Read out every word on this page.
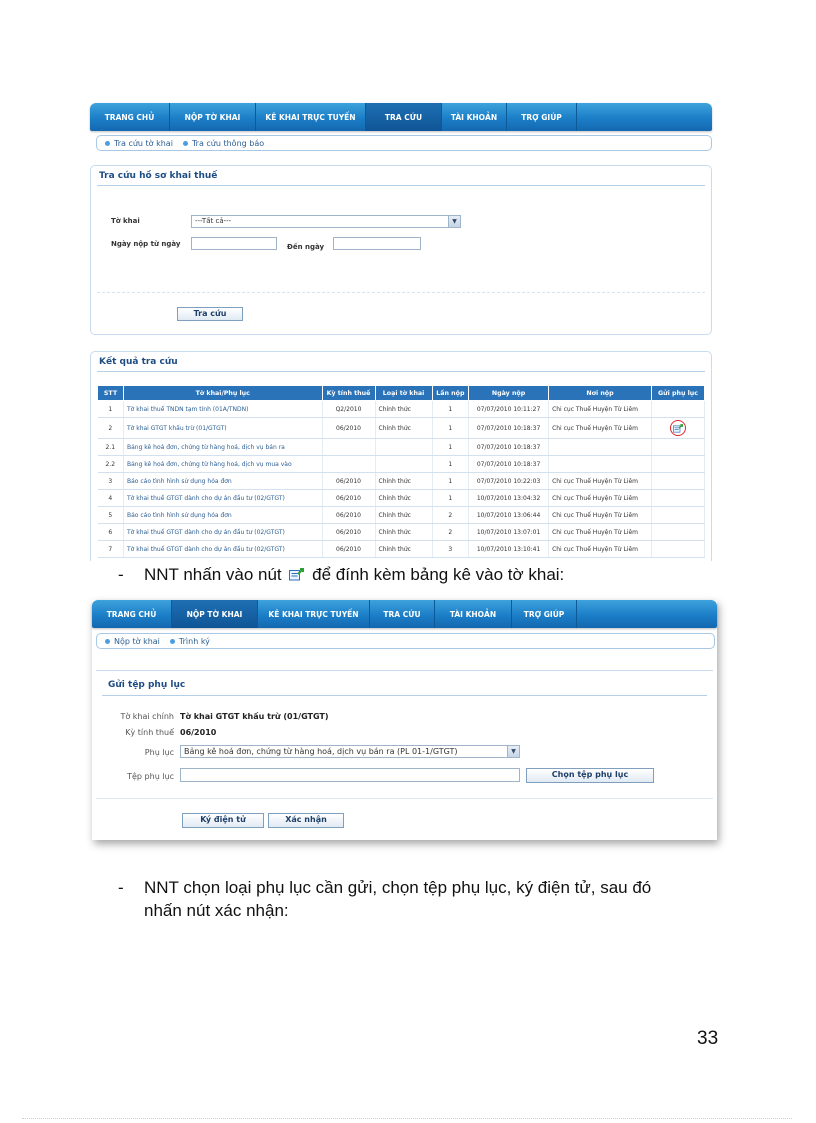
TRANG CHỦ	NỘP TỜ KHAI	KÊ KHAI TRỰC TUYẾN	TRA CỨU	TÀI KHOẢN	TRỢ GIÚP
Tra cứu tờ khai Tra cứu thông báo
Tra cứu hồ sơ khai thuế
Tờ khai	---Tất cả---	▼
Ngày nộp từ ngày	Đến ngày
Tra cứu
Kết quả tra cứu
STT	Tờ khai/Phụ lục	Kỳ tính thuế	Loại tờ khai	Lần nộp	Ngày nộp	Nơi nộp	Gửi phụ lục
1	Tờ khai thuế TNDN tạm tính (01A/TNDN)	Q2/2010	Chính thức	1	07/07/2010 10:11:27	Chi cục Thuế Huyện Từ Liêm	
2	Tờ khai GTGT khấu trừ (01/GTGT)	06/2010	Chính thức	1	07/07/2010 10:18:37	Chi cục Thuế Huyện Từ Liêm	

2.1	Bảng kê hoá đơn, chứng từ hàng hoá, dịch vụ bán ra			1	07/07/2010 10:18:37		
2.2	Bảng kê hoá đơn, chứng từ hàng hoá, dịch vụ mua vào			1	07/07/2010 10:18:37		
3	Báo cáo tình hình sử dụng hóa đơn	06/2010	Chính thức	1	07/07/2010 10:22:03	Chi cục Thuế Huyện Từ Liêm	
4	Tờ khai thuế GTGT dành cho dự án đầu tư (02/GTGT)	06/2010	Chính thức	1	10/07/2010 13:04:32	Chi cục Thuế Huyện Từ Liêm	
5	Báo cáo tình hình sử dụng hóa đơn	06/2010	Chính thức	2	10/07/2010 13:06:44	Chi cục Thuế Huyện Từ Liêm	
6	Tờ khai thuế GTGT dành cho dự án đầu tư (02/GTGT)	06/2010	Chính thức	2	10/07/2010 13:07:01	Chi cục Thuế Huyện Từ Liêm	
7	Tờ khai thuế GTGT dành cho dự án đầu tư (02/GTGT)	06/2010	Chính thức	3	10/07/2010 13:10:41	Chi cục Thuế Huyện Từ Liêm	
- NNT nhấn vào nút để đính kèm bảng kê vào tờ khai:
TRANG CHỦ	NỘP TỜ KHAI	KÊ KHAI TRỰC TUYẾN	TRA CỨU	TÀI KHOẢN	TRỢ GIÚP
Nộp tờ khai Trình ký
Gửi tệp phụ lục
Tờ khai chính Tờ khai GTGT khấu trừ (01/GTGT)
Kỳ tính thuế 06/2010
Phụ lục	Bảng kê hoá đơn, chứng từ hàng hoá, dịch vụ bán ra (PL 01-1/GTGT)	▼
Tệp phụ lục	Chọn tệp phụ lục
Ký điện tử	Xác nhận
- NNT chọn loại phụ lục cần gửi, chọn tệp phụ lục, ký điện tử, sau đó
nhấn nút xác nhận:
33
